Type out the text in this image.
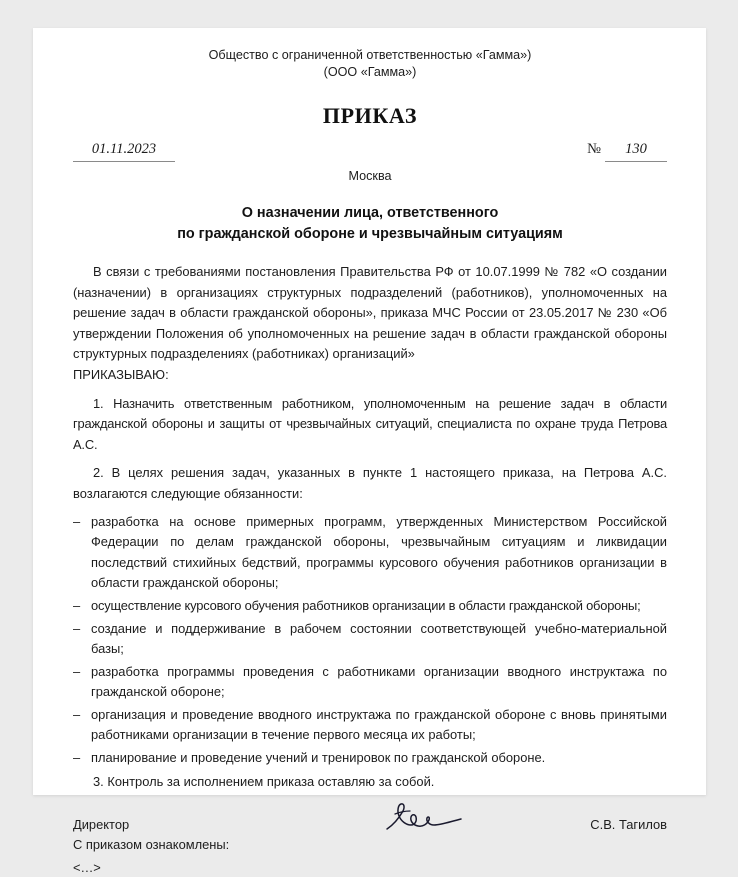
Общество с ограниченной ответственностью «Гамма»)
(ООО «Гамма»)
ПРИКАЗ
01.11.2023	№ 130
Москва
О назначении лица, ответственного
по гражданской обороне и чрезвычайным ситуациям

В связи с требованиями постановления Правительства РФ от 10.07.1999 № 782 «О создании (назначении) в организациях структурных подразделений (работников), уполномоченных на решение задач в области гражданской обороны», приказа МЧС России от 23.05.2017 № 230 «Об утверждении Положения об уполномоченных на решение задач в области гражданской обороны структурных подразделениях (работниках) организаций»

ПРИКАЗЫВАЮ:

1. Назначить ответственным работником, уполномоченным на решение задач в области гражданской обороны и защиты от чрезвычайных ситуаций, специалиста по охране труда Петрова А.С.

2. В целях решения задач, указанных в пункте 1 настоящего приказа, на Петрова А.С. возлагаются следующие обязанности:

– разработка на основе примерных программ, утвержденных Министерством Российской Федерации по делам гражданской обороны, чрезвычайным ситуациям и ликвидации последствий стихийных бедствий, программы курсового обучения работников организации в области гражданской обороны;
– осуществление курсового обучения работников организации в области гражданской обороны;
– создание и поддерживание в рабочем состоянии соответствующей учебно-материальной базы;
– разработка программы проведения с работниками организации вводного инструктажа по гражданской обороне;
– организация и проведение вводного инструктажа по гражданской обороне с вновь принятыми работниками организации в течение первого месяца их работы;
– планирование и проведение учений и тренировок по гражданской обороне.

3. Контроль за исполнением приказа оставляю за собой.

Директор	С.В. Тагилов
С приказом ознакомлены:
<...>
